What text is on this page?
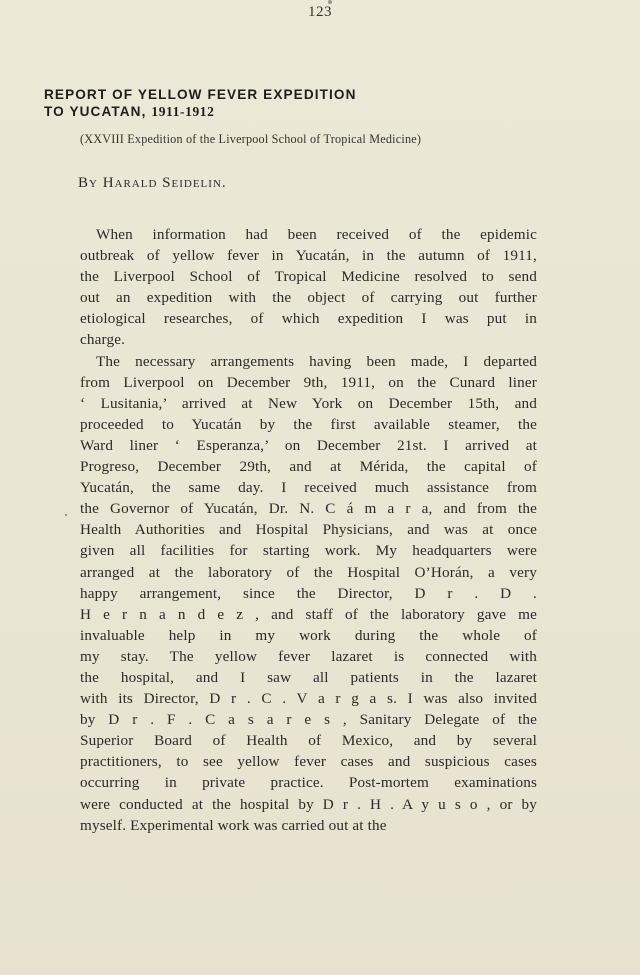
123
REPORT OF YELLOW FEVER EXPEDITION
TO YUCATAN, 1911-1912
(XXVIII Expedition of the Liverpool School of Tropical Medicine)
By Harald Seidelin.
When information had been received of the epidemic
outbreak of yellow fever in Yucatán, in the autumn of 1911,
the Liverpool School of Tropical Medicine resolved to send
out an expedition with the object of carrying out further
etiological researches, of which expedition I was put in
charge.
The necessary arrangements having been made, I departed
from Liverpool on December 9th, 1911, on the Cunard liner
‘ Lusitania,’ arrived at New York on December 15th, and
proceeded to Yucatán by the first available steamer, the
Ward liner ‘ Esperanza,’ on December 21st. I arrived at
Progreso, December 29th, and at Mérida, the capital of
Yucatán, the same day. I received much assistance from
the Governor of Yucatán, Dr. N. C á m a r a, and from the
Health Authorities and Hospital Physicians, and was at once
given all facilities for starting work. My headquarters were
arranged at the laboratory of the Hospital O’Horán, a very
happy arrangement, since the Director, D r . D .
H e r n a n d e z , and staff of the laboratory gave me
invaluable help in my work during the whole of
my stay. The yellow fever lazaret is connected with
the hospital, and I saw all patients in the lazaret
with its Director, D r . C . V a r g a s. I was also invited
by D r . F . C a s a r e s , Sanitary Delegate of the
Superior Board of Health of Mexico, and by several
practitioners, to see yellow fever cases and suspicious cases
occurring in private practice. Post-mortem examinations
were conducted at the hospital by D r . H . A y u s o , or by
myself. Experimental work was carried out at the
